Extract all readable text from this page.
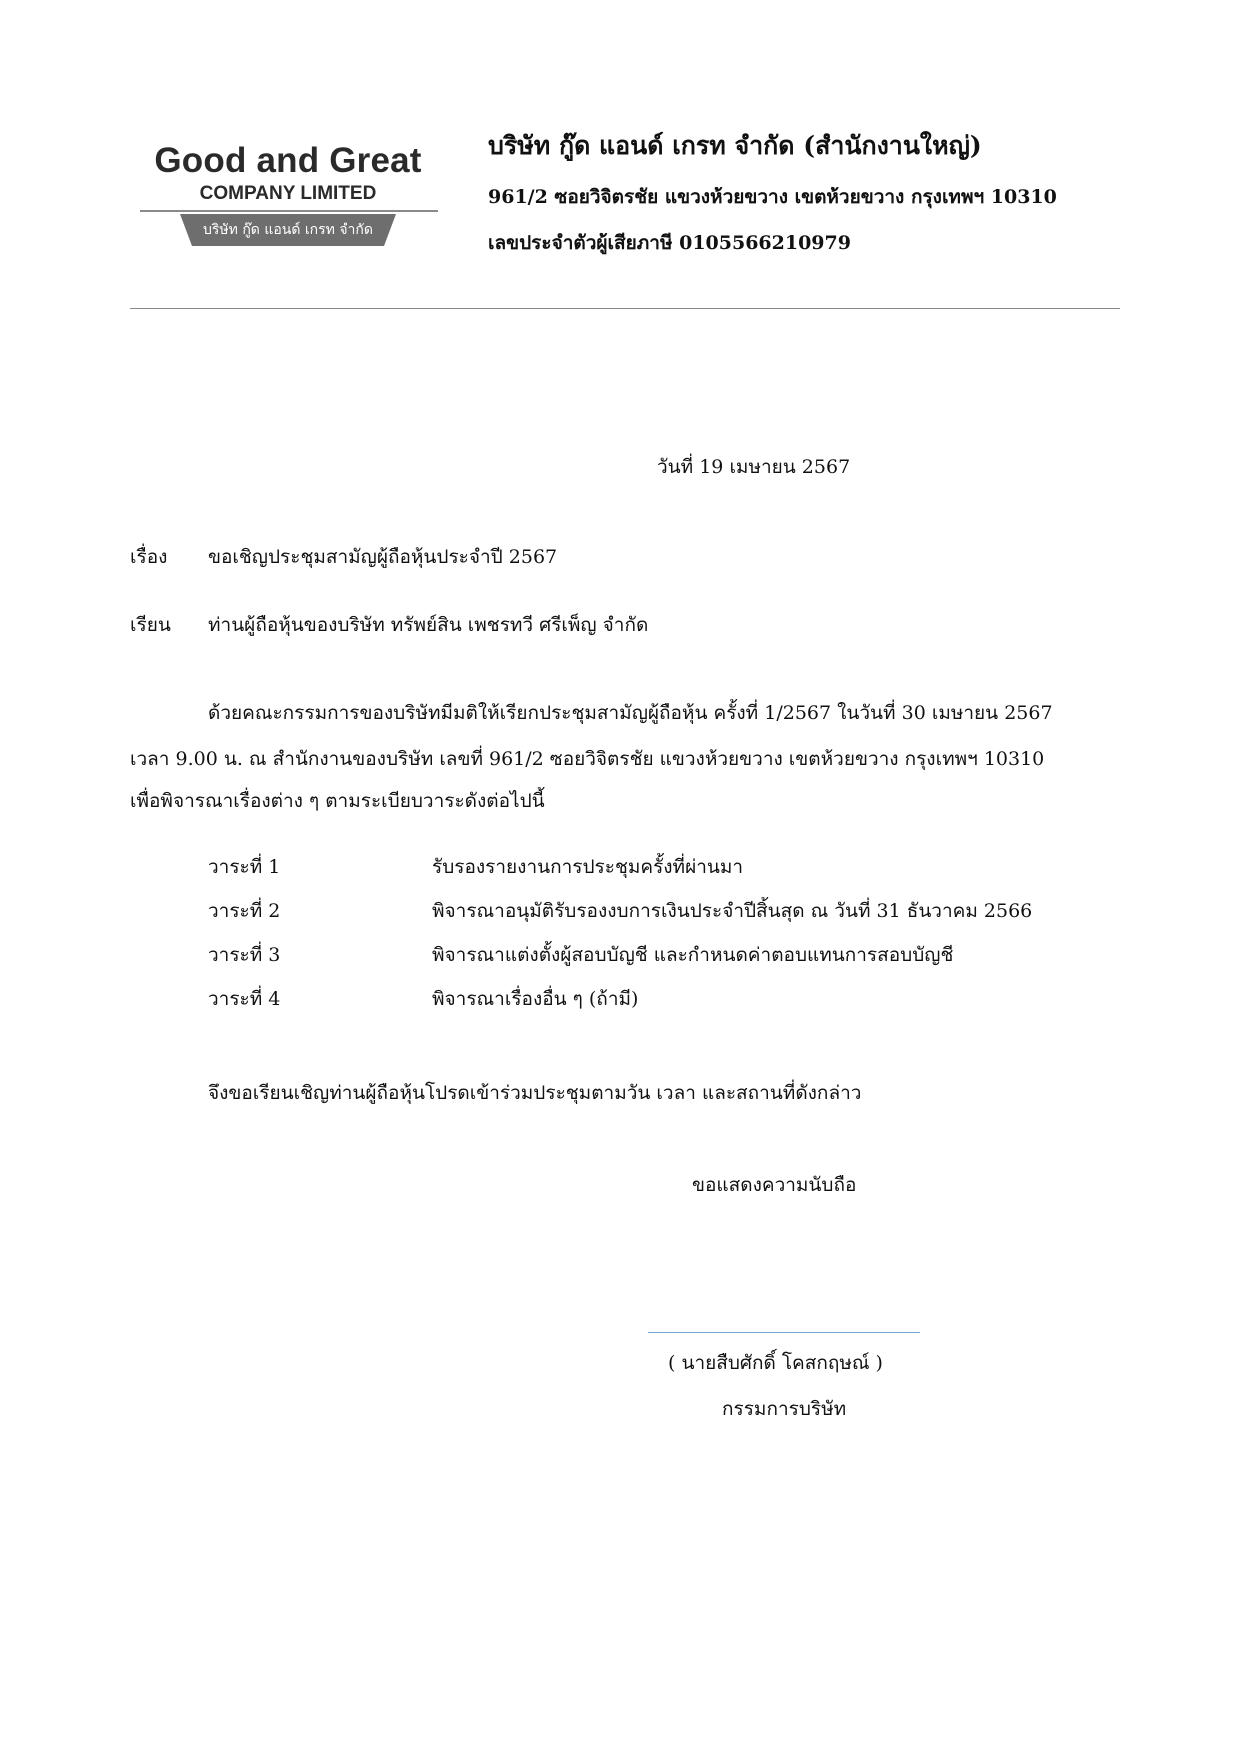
Good and Great
COMPANY LIMITED
บริษัท กู๊ด แอนด์ เกรท จำกัด
บริษัท กู๊ด แอนด์ เกรท จำกัด (สำนักงานใหญ่)
961/2 ซอยวิจิตรชัย แขวงห้วยขวาง เขตห้วยขวาง กรุงเทพฯ 10310
เลขประจำตัวผู้เสียภาษี 0105566210979
วันที่ 19 เมษายน 2567
เรื่อง ขอเชิญประชุมสามัญผู้ถือหุ้นประจำปี 2567
เรียน ท่านผู้ถือหุ้นของบริษัท ทรัพย์สิน เพชรทวี ศรีเพ็ญ จำกัด
ด้วยคณะกรรมการของบริษัทมีมติให้เรียกประชุมสามัญผู้ถือหุ้น ครั้งที่ 1/2567 ในวันที่ 30 เมษายน 2567
เวลา 9.00 น. ณ สำนักงานของบริษัท เลขที่ 961/2 ซอยวิจิตรชัย แขวงห้วยขวาง เขตห้วยขวาง กรุงเทพฯ 10310
เพื่อพิจารณาเรื่องต่าง ๆ ตามระเบียบวาระดังต่อไปนี้
วาระที่ 1	รับรองรายงานการประชุมครั้งที่ผ่านมา
วาระที่ 2	พิจารณาอนุมัติรับรองงบการเงินประจำปีสิ้นสุด ณ วันที่ 31 ธันวาคม 2566
วาระที่ 3	พิจารณาแต่งตั้งผู้สอบบัญชี และกำหนดค่าตอบแทนการสอบบัญชี
วาระที่ 4	พิจารณาเรื่องอื่น ๆ (ถ้ามี)
จึงขอเรียนเชิญท่านผู้ถือหุ้นโปรดเข้าร่วมประชุมตามวัน เวลา และสถานที่ดังกล่าว
ขอแสดงความนับถือ
( นายสืบศักดิ์ โคสกฤษณ์ )
กรรมการบริษัท
